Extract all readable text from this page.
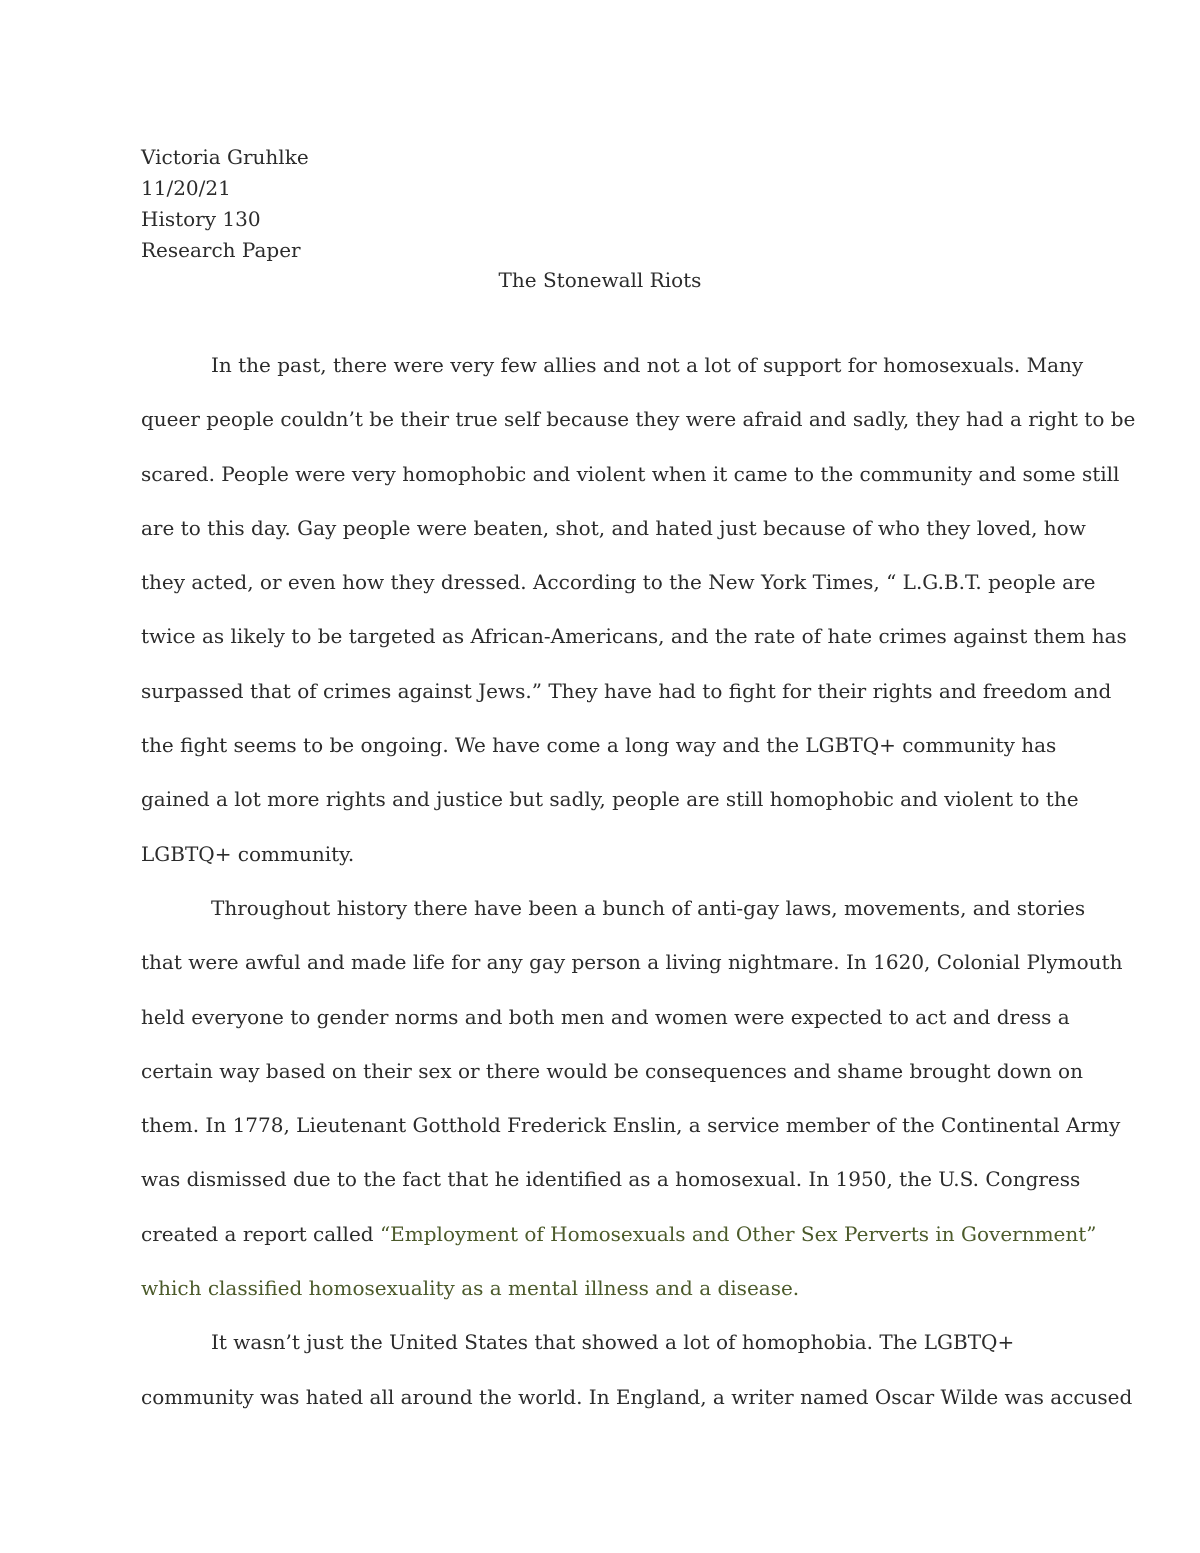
Victoria Gruhlke
11/20/21
History 130
Research Paper
The Stonewall Riots
In the past, there were very few allies and not a lot of support for homosexuals. Many
queer people couldn’t be their true self because they were afraid and sadly, they had a right to be
scared. People were very homophobic and violent when it came to the community and some still
are to this day. Gay people were beaten, shot, and hated just because of who they loved, how
they acted, or even how they dressed. According to the New York Times, “ L.G.B.T. people are
twice as likely to be targeted as African-Americans, and the rate of hate crimes against them has
surpassed that of crimes against Jews.” They have had to fight for their rights and freedom and
the fight seems to be ongoing. We have come a long way and the LGBTQ+ community has
gained a lot more rights and justice but sadly, people are still homophobic and violent to the
LGBTQ+ community.
Throughout history there have been a bunch of anti-gay laws, movements, and stories
that were awful and made life for any gay person a living nightmare. In 1620, Colonial Plymouth
held everyone to gender norms and both men and women were expected to act and dress a
certain way based on their sex or there would be consequences and shame brought down on
them. In 1778, Lieutenant Gotthold Frederick Enslin, a service member of the Continental Army
was dismissed due to the fact that he identified as a homosexual. In 1950, the U.S. Congress
created a report called “Employment of Homosexuals and Other Sex Perverts in Government”
which classified homosexuality as a mental illness and a disease.
It wasn’t just the United States that showed a lot of homophobia. The LGBTQ+
community was hated all around the world. In England, a writer named Oscar Wilde was accused
